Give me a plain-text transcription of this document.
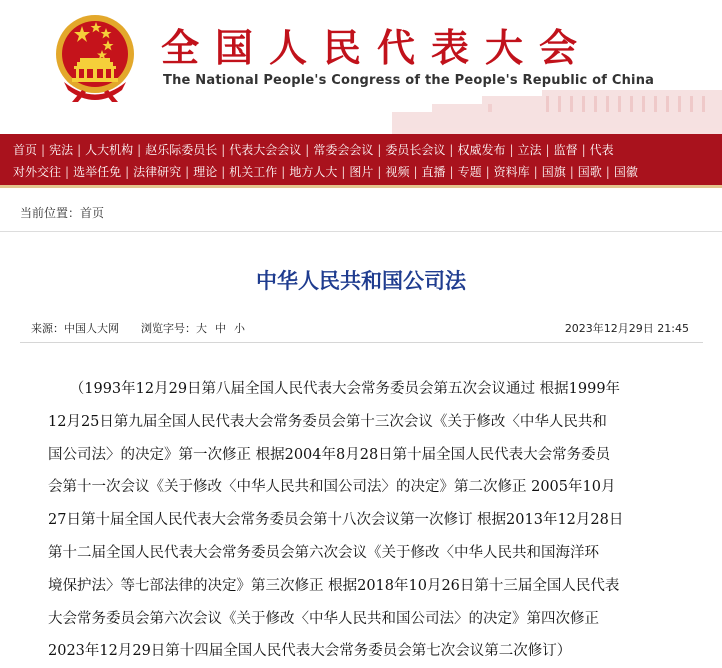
全国人民代表大会
The National People's Congress of the People's Republic of China
首页 | 宪法 | 人大机构 | 赵乐际委员长 | 代表大会会议 | 常委会会议 | 委员长会议 | 权威发布 | 立法 | 监督 | 代表
对外交往 | 选举任免 | 法律研究 | 理论 | 机关工作 | 地方人大 | 图片 | 视频 | 直播 | 专题 | 资料库 | 国旗 | 国歌 | 国徽
当前位置：首页
中华人民共和国公司法
来源：中国人大网 浏览字号：大 中 小	2023年12月29日 21:45

　　（1993年12月29日第八届全国人民代表大会常务委员会第五次会议通过 根据1999年

12月25日第九届全国人民代表大会常务委员会第十三次会议《关于修改〈中华人民共和

国公司法〉的决定》第一次修正 根据2004年8月28日第十届全国人民代表大会常务委员

会第十一次会议《关于修改〈中华人民共和国公司法〉的决定》第二次修正 2005年10月

27日第十届全国人民代表大会常务委员会第十八次会议第一次修订 根据2013年12月28日

第十二届全国人民代表大会常务委员会第六次会议《关于修改〈中华人民共和国海洋环

境保护法〉等七部法律的决定》第三次修正 根据2018年10月26日第十三届全国人民代表

大会常务委员会第六次会议《关于修改〈中华人民共和国公司法〉的决定》第四次修正

2023年12月29日第十四届全国人民代表大会常务委员会第七次会议第二次修订）
